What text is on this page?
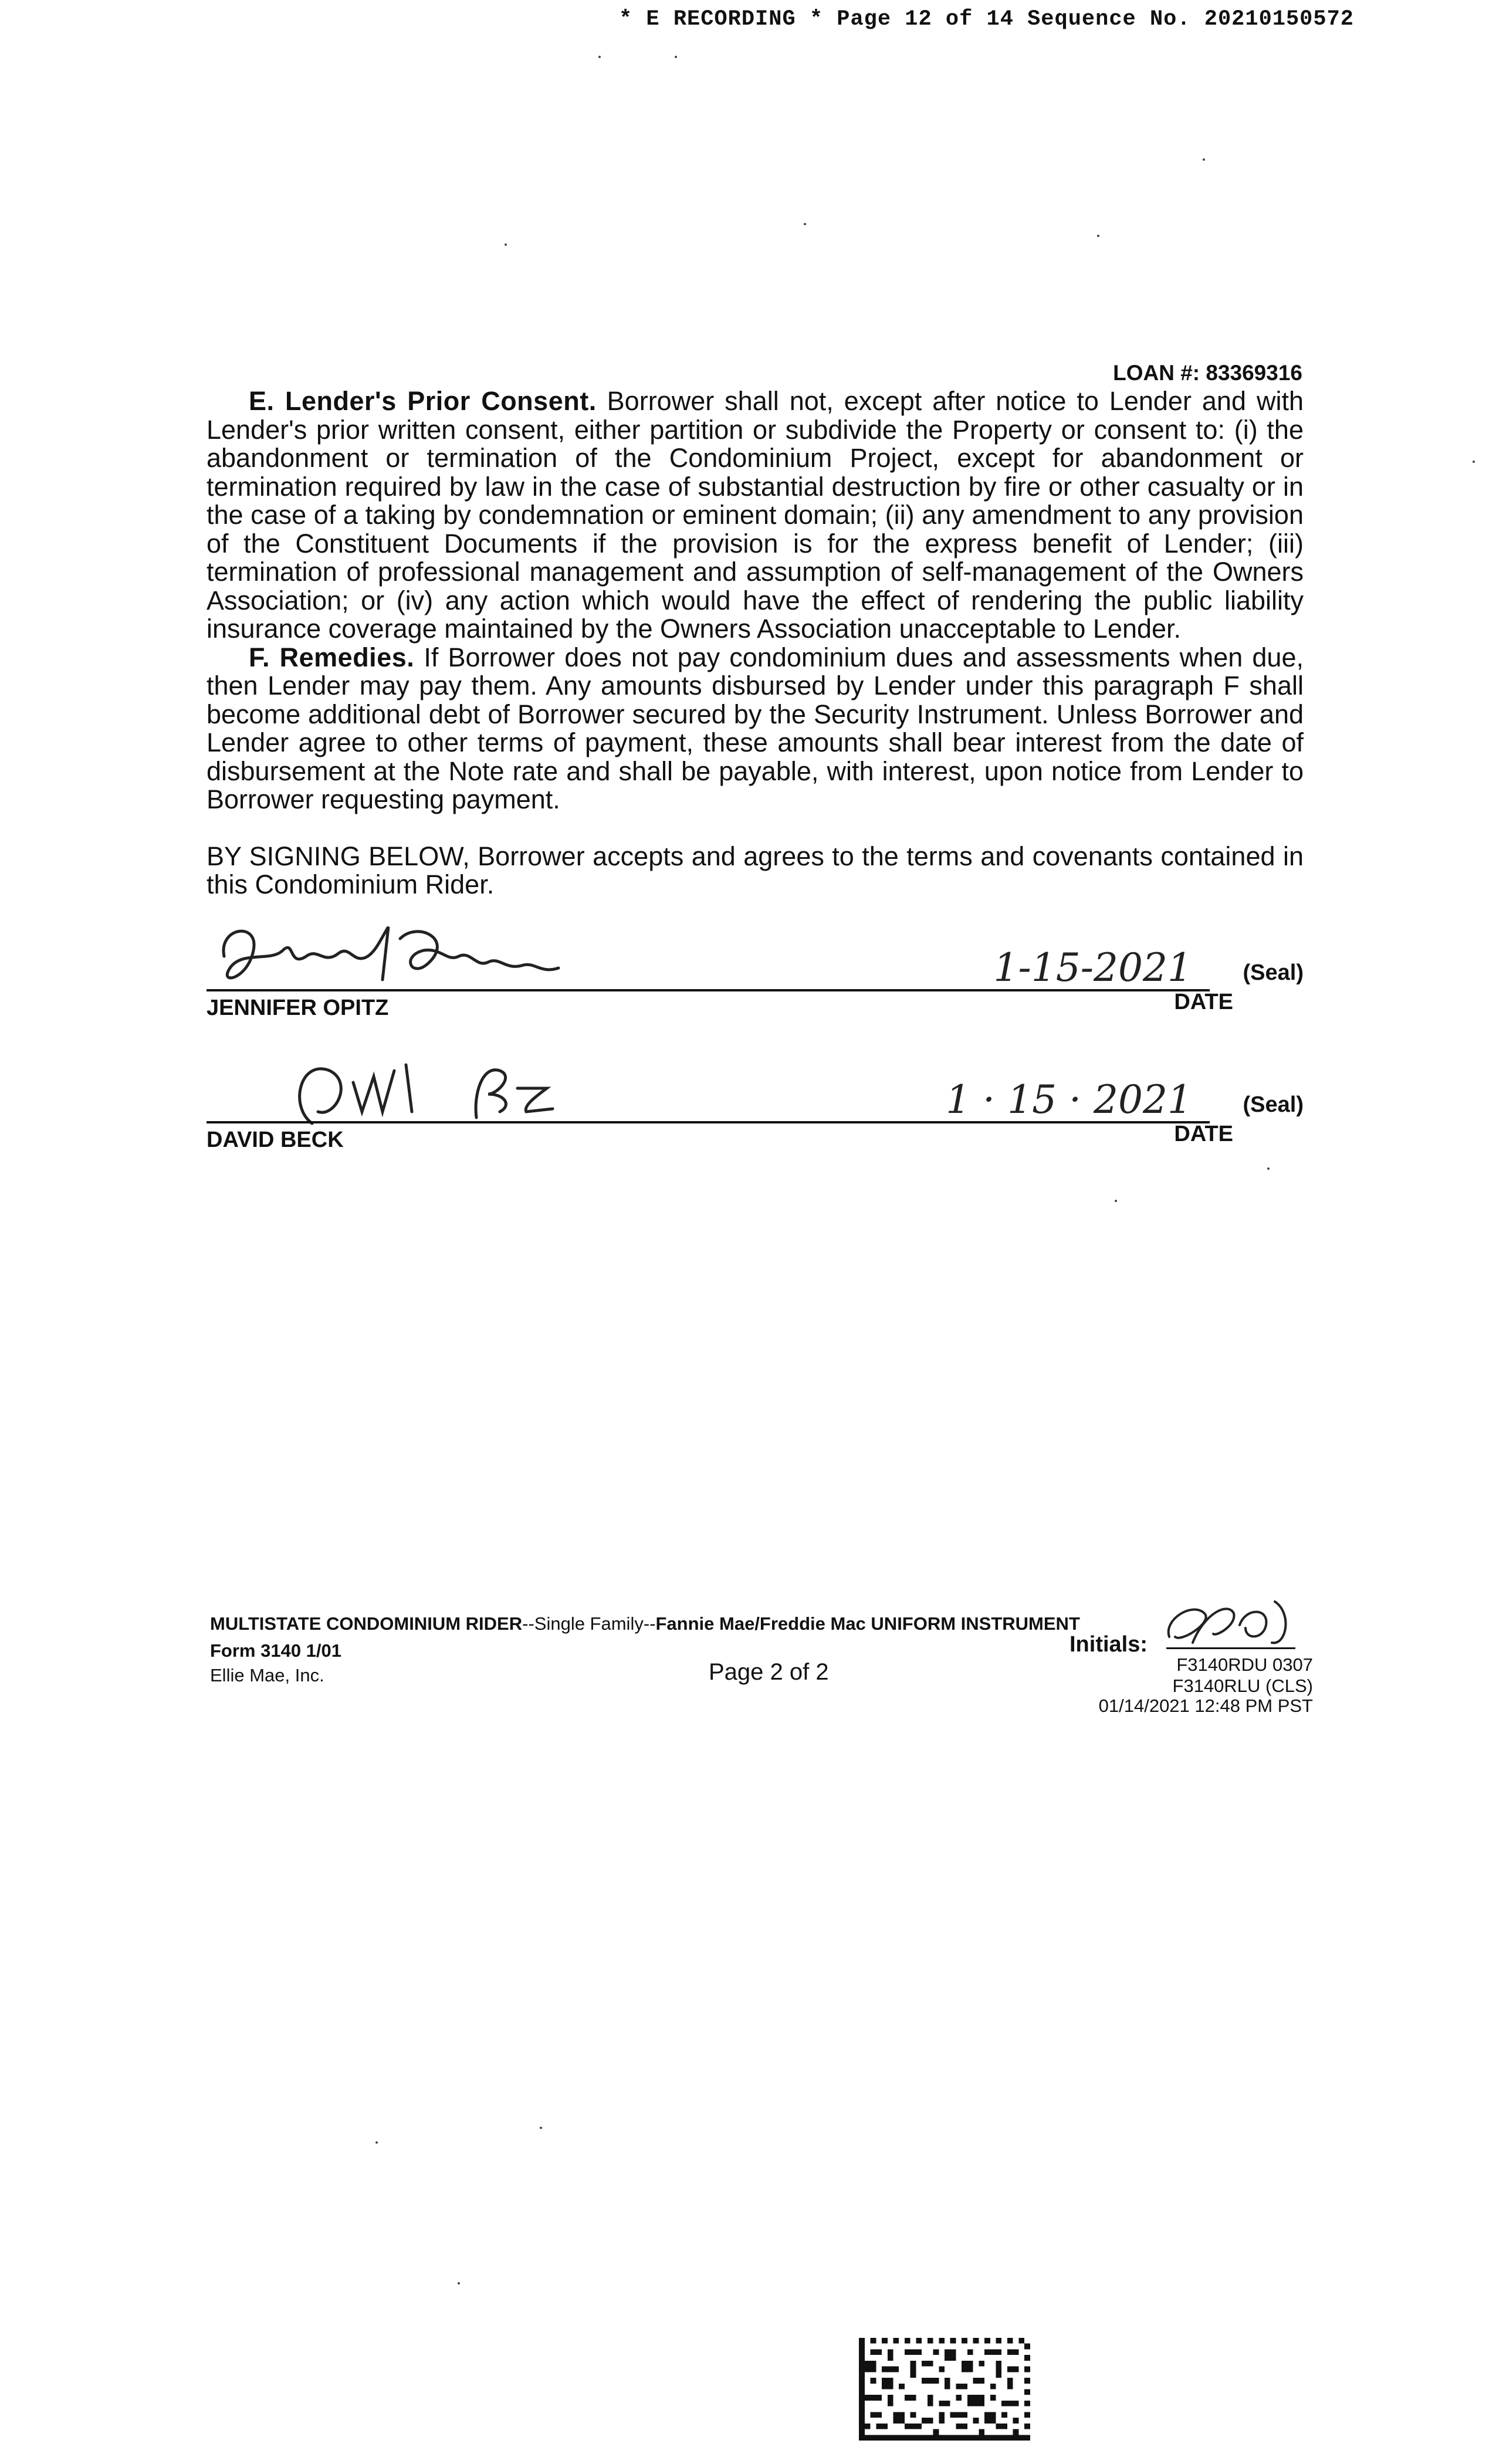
* E RECORDING * Page 12 of 14 Sequence No. 20210150572
LOAN #: 83369316

E. Lender's Prior Consent. Borrower shall not, except after notice to Lender and with Lender's prior written consent, either partition or subdivide the Property or consent to: (i) the abandonment or termination of the Condominium Project, except for abandonment or termination required by law in the case of substantial destruction by fire or other casualty or in the case of a taking by condemnation or eminent domain; (ii) any amendment to any provision of the Constituent Documents if the provision is for the express benefit of Lender; (iii) termination of professional management and assumption of self-management of the Owners Association; or (iv) any action which would have the effect of rendering the public liability insurance coverage maintained by the Owners Association unacceptable to Lender.

F. Remedies. If Borrower does not pay condominium dues and assessments when due, then Lender may pay them. Any amounts disbursed by Lender under this paragraph F shall become additional debt of Borrower secured by the Security Instrument. Unless Borrower and Lender agree to other terms of payment, these amounts shall bear interest from the date of disbursement at the Note rate and shall be payable, with interest, upon notice from Lender to Borrower requesting payment.

BY SIGNING BELOW, Borrower accepts and agrees to the terms and covenants contained in this Condominium Rider.

1-15-2021 (Seal)
JENNIFER OPITZ	DATE
1 · 15 · 2021 (Seal)
DAVID BECK	DATE
MULTISTATE CONDOMINIUM RIDER--Single Family--Fannie Mae/Freddie Mac UNIFORM INSTRUMENT
Form 3140 1/01
Ellie Mae, Inc.	Page 2 of 2
Initials:
F3140RDU 0307
F3140RLU (CLS)
01/14/2021 12:48 PM PST
